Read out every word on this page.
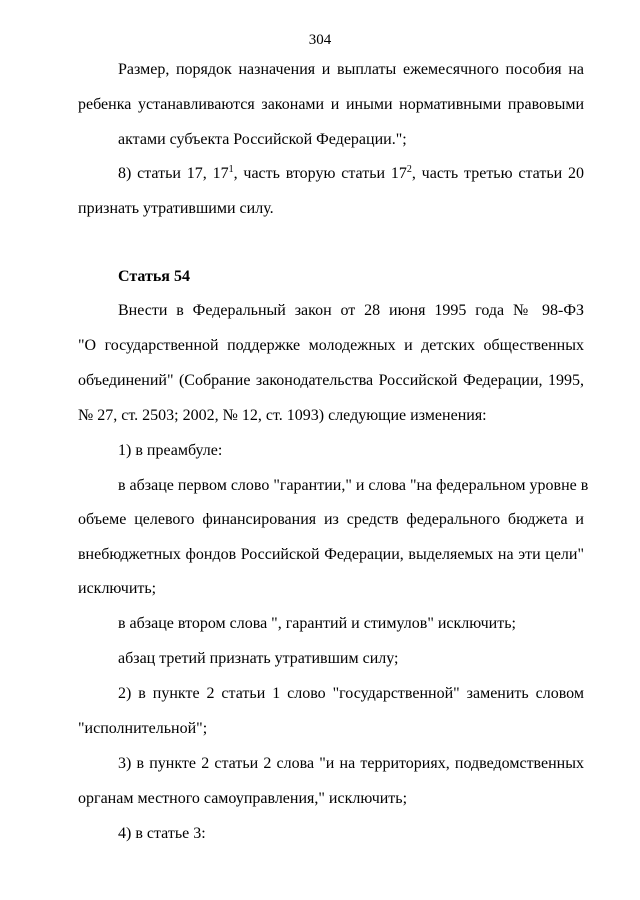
304
Размер, порядок назначения и выплаты ежемесячного пособия на
ребенка устанавливаются законами и иными нормативными правовыми
актами субъекта Российской Федерации.";
8) статьи 17, $17^1$, часть вторую статьи $17^2$, часть третью статьи 20
признать утратившими силу.
Статья 54
Внести в Федеральный закон от 28 июня 1995 года № 98-ФЗ
"О государственной поддержке молодежных и детских общественных
объединений" (Собрание законодательства Российской Федерации, 1995,
№ 27, ст. 2503; 2002, № 12, ст. 1093) следующие изменения:
1) в преамбуле:
в абзаце первом слово "гарантии," и слова "на федеральном уровне в
объеме целевого финансирования из средств федерального бюджета и
внебюджетных фондов Российской Федерации, выделяемых на эти цели"
исключить;
в абзаце втором слова ", гарантий и стимулов" исключить;
абзац третий признать утратившим силу;
2) в пункте 2 статьи 1 слово "государственной" заменить словом
"исполнительной";
3) в пункте 2 статьи 2 слова "и на территориях, подведомственных
органам местного самоуправления," исключить;
4) в статье 3:
